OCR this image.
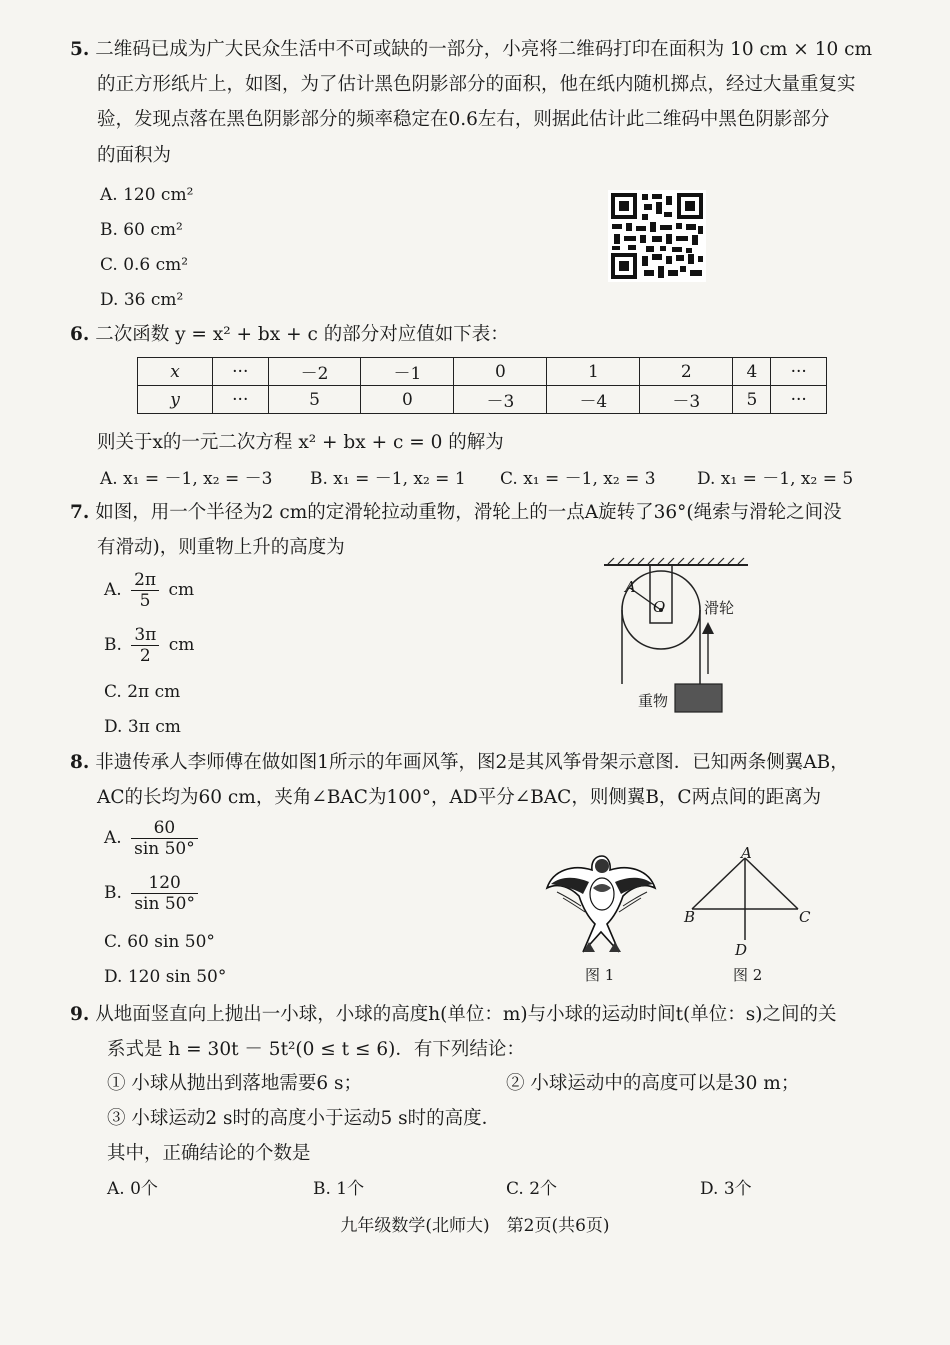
5. 二维码已成为广大民众生活中不可或缺的一部分，小亮将二维码打印在面积为 10 cm × 10 cm
的正方形纸片上，如图，为了估计黑色阴影部分的面积，他在纸内随机掷点，经过大量重复实
验，发现点落在黑色阴影部分的频率稳定在0.6左右，则据此估计此二维码中黑色阴影部分
的面积为
A. 120 cm²
B. 60 cm²
C. 0.6 cm²
D. 36 cm²
6. 二次函数 y = x² + bx + c 的部分对应值如下表：
x	···	－2	－1	0	1	2	4	···
y	···	5	0	－3	－4	－3	5	···
则关于x的一元二次方程 x² + bx + c = 0 的解为
A. x₁ = －1, x₂ = －3 B. x₁ = －1, x₂ = 1 C. x₁ = －1, x₂ = 3 D. x₁ = －1, x₂ = 5
7. 如图，用一个半径为2 cm的定滑轮拉动重物，滑轮上的一点A旋转了36°(绳索与滑轮之间没
有滑动)，则重物上升的高度为
A. $\frac{2\pi}{5}$ cm
B. $\frac{3\pi}{2}$ cm
C. 2π cm
D. 3π cm
A
O	滑轮
重物
8. 非遗传承人李师傅在做如图1所示的年画风筝，图2是其风筝骨架示意图．已知两条侧翼AB，
AC的长均为60 cm，夹角∠BAC为100°，AD平分∠BAC，则侧翼B，C两点间的距离为
A. $\frac{60}{\sin 50^\circ}$
B. $\frac{120}{\sin 50^\circ}$
C. 60 sin 50°
D. 120 sin 50°	图 1
A
B	C
D
图 2
9. 从地面竖直向上抛出一小球，小球的高度h(单位：m)与小球的运动时间t(单位：s)之间的关
系式是 h = 30t － 5t²(0 ≤ t ≤ 6)．有下列结论：
① 小球从抛出到落地需要6 s；	② 小球运动中的高度可以是30 m；
③ 小球运动2 s时的高度小于运动5 s时的高度．
其中，正确结论的个数是
A. 0个	B. 1个	C. 2个	D. 3个
九年级数学(北师大)　第2页(共6页)
